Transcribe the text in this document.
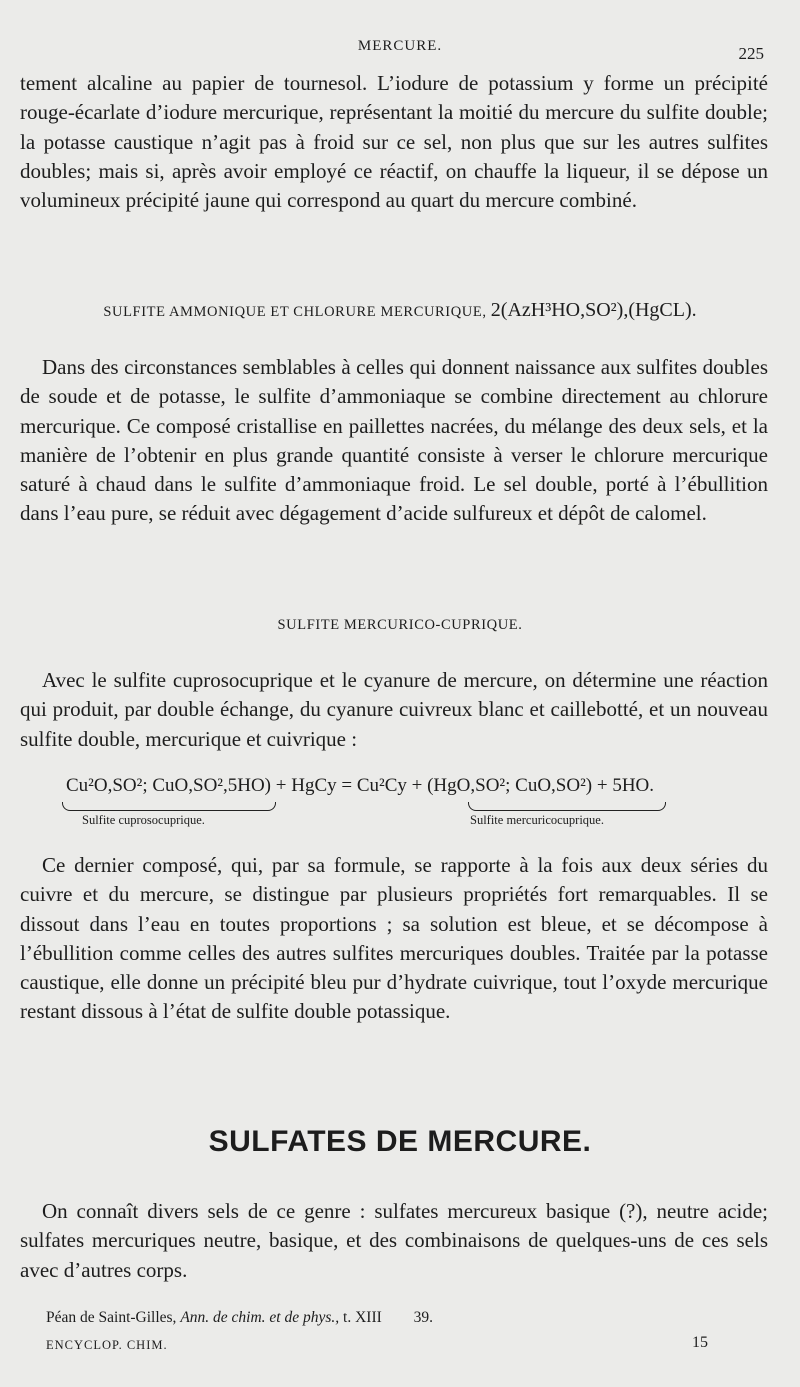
MERCURE.	225
tement alcaline au papier de tournesol. L’iodure de potassium y forme un précipité rouge-écarlate d’iodure mercurique, représentant la moitié du mercure du sulfite double; la potasse caustique n’agit pas à froid sur ce sel, non plus que sur les autres sulfites doubles; mais si, après avoir employé ce réactif, on chauffe la liqueur, il se dépose un volumineux précipité jaune qui correspond au quart du mercure combiné.
SULFITE AMMONIQUE ET CHLORURE MERCURIQUE, 2(AzH³HO,SO²),(HgCL).
Dans des circonstances semblables à celles qui donnent naissance aux sulfites doubles de soude et de potasse, le sulfite d’ammoniaque se combine directement au chlorure mercurique. Ce composé cristallise en paillettes nacrées, du mélange des deux sels, et la manière de l’obtenir en plus grande quantité consiste à verser le chlorure mercurique saturé à chaud dans le sulfite d’ammoniaque froid. Le sel double, porté à l’ébullition dans l’eau pure, se réduit avec dégagement d’acide sulfureux et dépôt de calomel.
SULFITE MERCURICO-CUPRIQUE.
Avec le sulfite cuprosocuprique et le cyanure de mercure, on détermine une réaction qui produit, par double échange, du cyanure cuivreux blanc et caillebotté, et un nouveau sulfite double, mercurique et cuivrique :
Cu²O,SO²; CuO,SO²,5HO) + HgCy = Cu²Cy + (HgO,SO²; CuO,SO²) + 5HO.
Sulfite cuprosocuprique.	Sulfite mercuricocuprique.
Ce dernier composé, qui, par sa formule, se rapporte à la fois aux deux séries du cuivre et du mercure, se distingue par plusieurs propriétés fort remarquables. Il se dissout dans l’eau en toutes proportions ; sa solution est bleue, et se décompose à l’ébullition comme celles des autres sulfites mercuriques doubles. Traitée par la potasse caustique, elle donne un précipité bleu pur d’hydrate cuivrique, tout l’oxyde mercurique restant dissous à l’état de sulfite double potassique.
SULFATES DE MERCURE.
On connaît divers sels de ce genre : sulfates mercureux basique (?), neutre acide; sulfates mercuriques neutre, basique, et des combinaisons de quelques-uns de ces sels avec d’autres corps.
Péan de Saint-Gilles, Ann. de chim. et de phys., t. XIII 39.
ENCYCLOP. CHIM.	15
